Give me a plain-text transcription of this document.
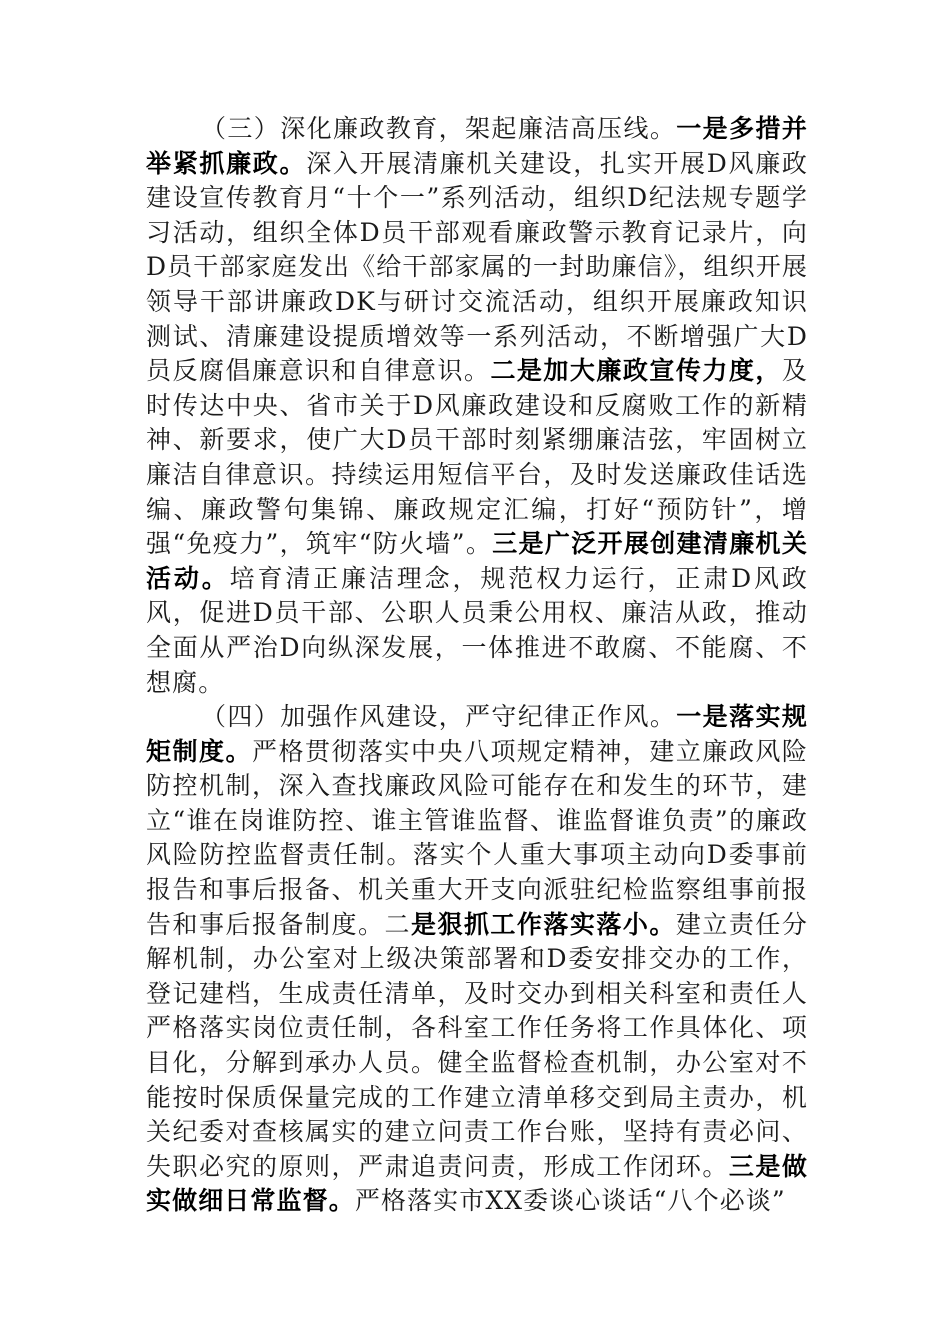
（三）深化廉政教育，架起廉洁高压线。一是多措并举紧抓廉政。深入开展清廉机关建设，扎实开展D风廉政建设宣传教育月“十个一”系列活动，组织D纪法规专题学习活动，组织全体D员干部观看廉政警示教育记录片，向D员干部家庭发出《给干部家属的一封助廉信》，组织开展领导干部讲廉政DK与研讨交流活动，组织开展廉政知识测试、清廉建设提质增效等一系列活动，不断增强广大D员反腐倡廉意识和自律意识。二是加大廉政宣传力度，及时传达中央、省市关于D风廉政建设和反腐败工作的新精神、新要求，使广大D员干部时刻紧绷廉洁弦，牢固树立廉洁自律意识。持续运用短信平台，及时发送廉政佳话选编、廉政警句集锦、廉政规定汇编，打好“预防针”，增强“免疫力”，筑牢“防火墙”。三是广泛开展创建清廉机关活动。培育清正廉洁理念，规范权力运行，正肃D风政风，促进D员干部、公职人员秉公用权、廉洁从政，推动全面从严治D向纵深发展，一体推进不敢腐、不能腐、不想腐。

（四）加强作风建设，严守纪律正作风。一是落实规矩制度。严格贯彻落实中央八项规定精神，建立廉政风险防控机制，深入查找廉政风险可能存在和发生的环节，建立“谁在岗谁防控、谁主管谁监督、谁监督谁负责”的廉政风险防控监督责任制。落实个人重大事项主动向D委事前报告和事后报备、机关重大开支向派驻纪检监察组事前报告和事后报备制度。二是狠抓工作落实落小。建立责任分解机制，办公室对上级决策部署和D委安排交办的工作，登记建档，生成责任清单，及时交办到相关科室和责任人严格落实岗位责任制，各科室工作任务将工作具体化、项目化，分解到承办人员。健全监督检查机制，办公室对不能按时保质保量完成的工作建立清单移交到局主责办，机关纪委对查核属实的建立问责工作台账，坚持有责必问、失职必究的原则，严肃追责问责，形成工作闭环。三是做实做细日常监督。严格落实市XX委谈心谈话“八个必谈”
